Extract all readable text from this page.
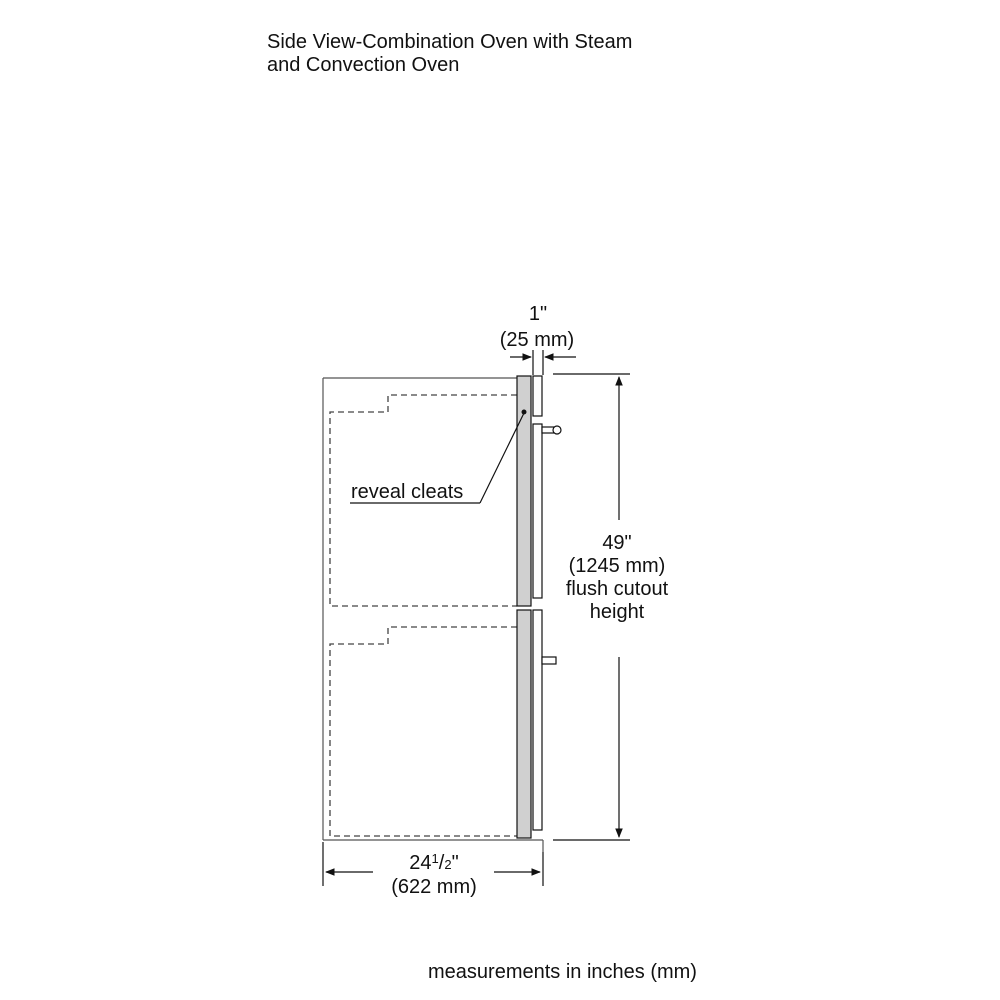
Side View-Combination Oven with Steam
and Convection Oven
reveal cleats
1"
(25 mm)
49"
(1245 mm)
flush cutout
height
$24^1/2$"
(622 mm)
measurements in inches (mm)
